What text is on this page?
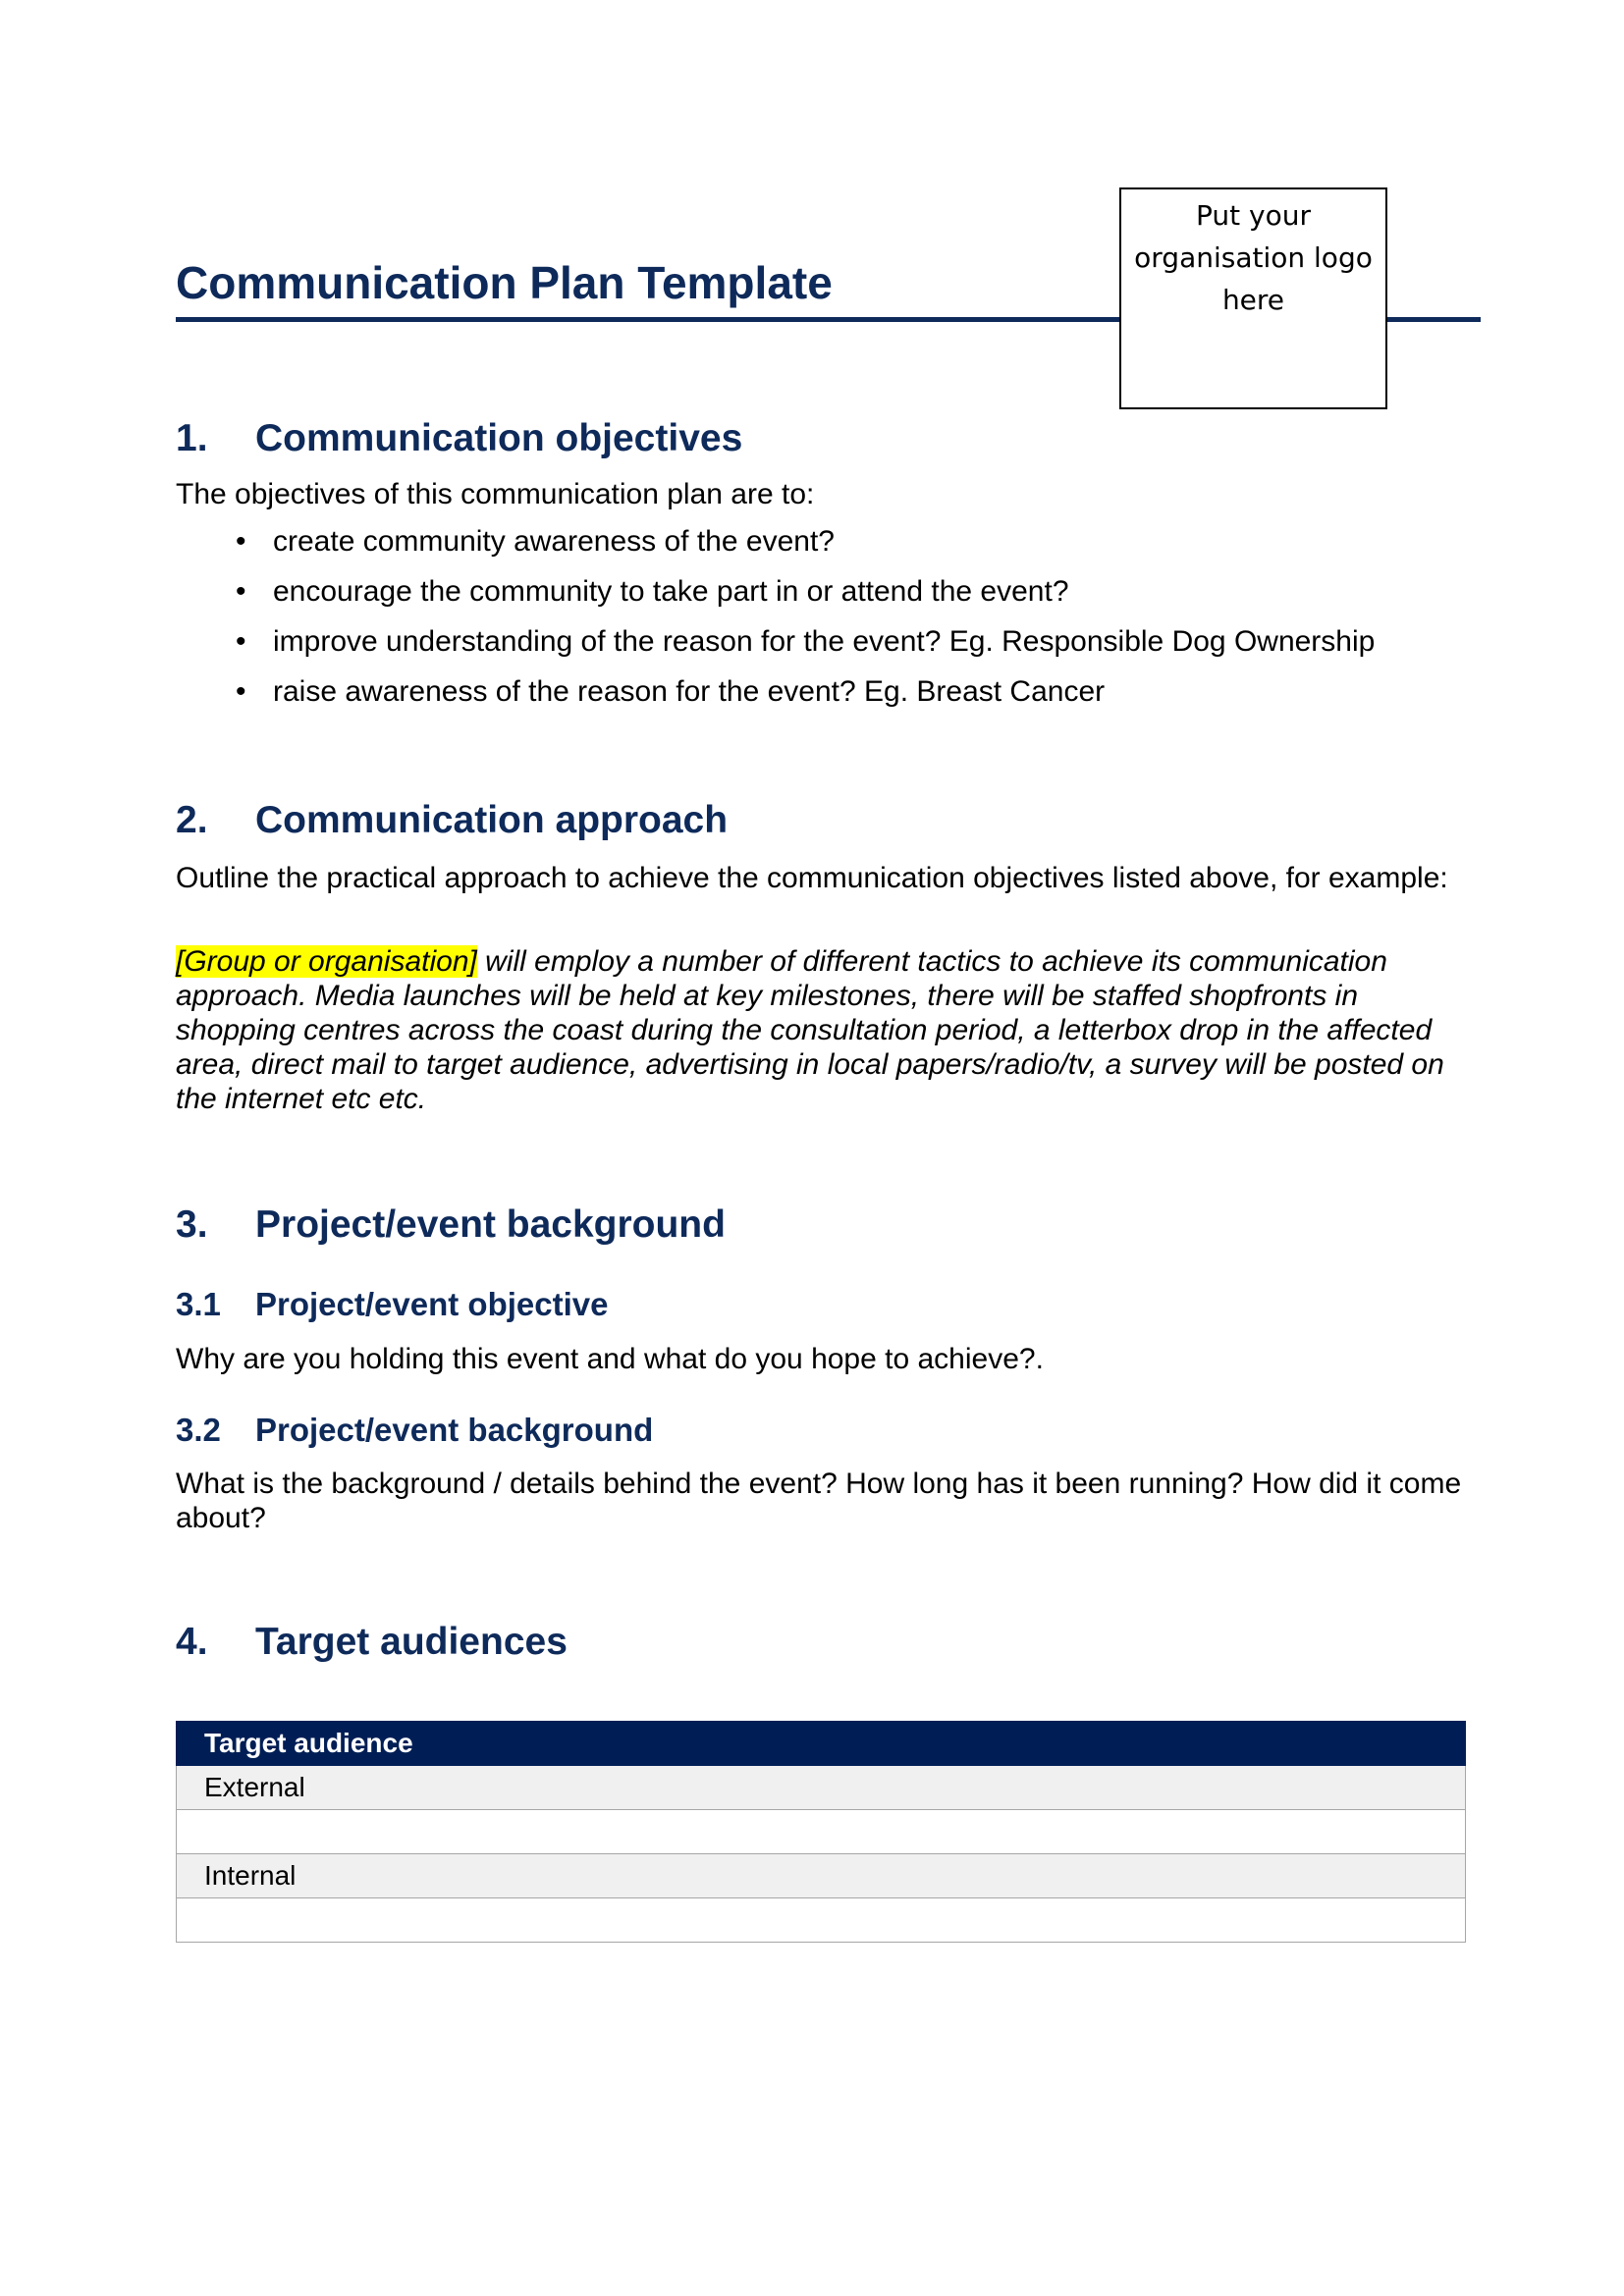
Communication Plan Template
Put your
organisation logo
here
1. Communication objectives
The objectives of this communication plan are to:
• create community awareness of the event?
• encourage the community to take part in or attend the event?
• improve understanding of the reason for the event? Eg. Responsible Dog Ownership
• raise awareness of the reason for the event? Eg. Breast Cancer
2. Communication approach
Outline the practical approach to achieve the communication objectives listed above, for example:
[Group or organisation] will employ a number of different tactics to achieve its communication approach. Media launches will be held at key milestones, there will be staffed shopfronts in shopping centres across the coast during the consultation period, a letterbox drop in the affected area, direct mail to target audience, advertising in local papers/radio/tv, a survey will be posted on the internet etc etc.
3. Project/event background
3.1 Project/event objective
Why are you holding this event and what do you hope to achieve?.
3.2 Project/event background
What is the background / details behind the event? How long has it been running? How did it come about?
4. Target audiences
Target audience
External

Internal
